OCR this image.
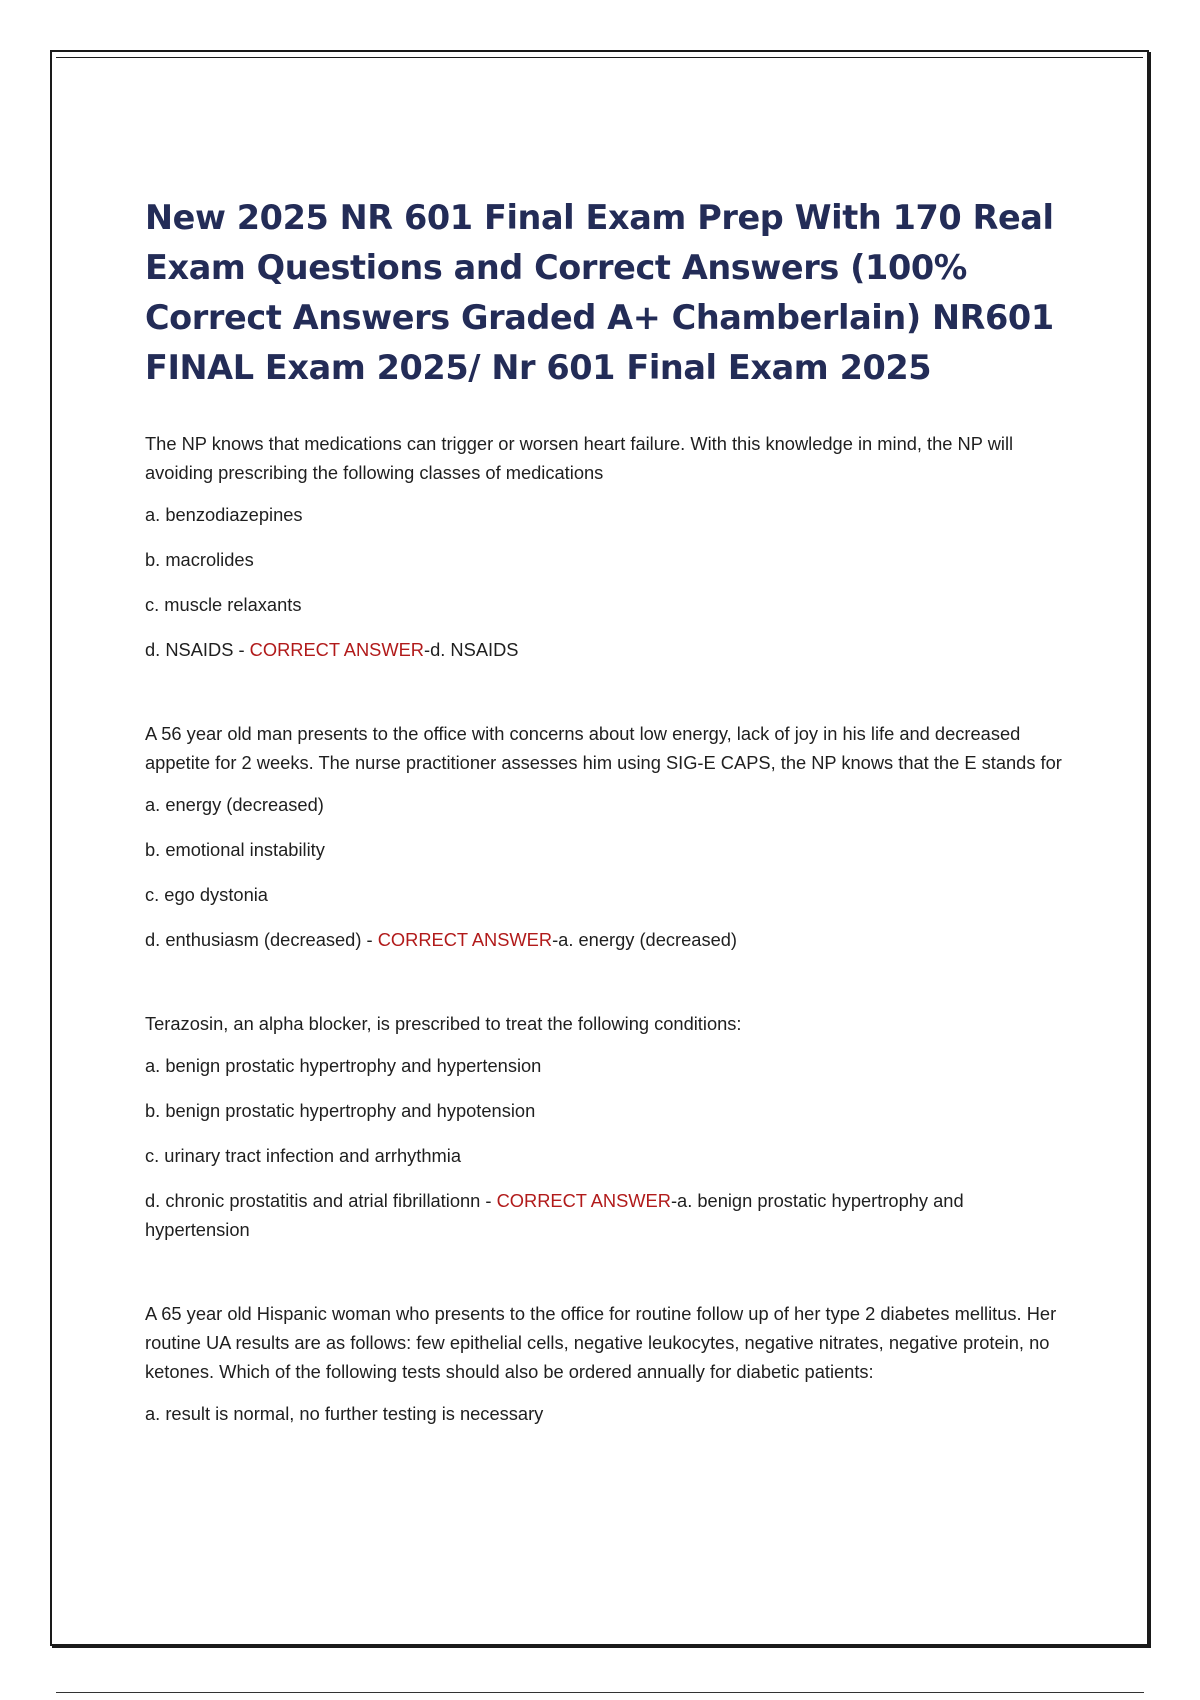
New 2025 NR 601 Final Exam Prep With 170 Real Exam Questions and Correct Answers (100% Correct Answers Graded A+ Chamberlain) NR601 FINAL Exam 2025/ Nr 601 Final Exam 2025

The NP knows that medications can trigger or worsen heart failure. With this knowledge in mind, the NP will avoiding prescribing the following classes of medications

a. benzodiazepines

b. macrolides

c. muscle relaxants

d. NSAIDS - CORRECT ANSWER-d. NSAIDS

A 56 year old man presents to the office with concerns about low energy, lack of joy in his life and decreased appetite for 2 weeks. The nurse practitioner assesses him using SIG-E CAPS, the NP knows that the E stands for

a. energy (decreased)

b. emotional instability

c. ego dystonia

d. enthusiasm (decreased) - CORRECT ANSWER-a. energy (decreased)

Terazosin, an alpha blocker, is prescribed to treat the following conditions:

a. benign prostatic hypertrophy and hypertension

b. benign prostatic hypertrophy and hypotension

c. urinary tract infection and arrhythmia

d. chronic prostatitis and atrial fibrillationn - CORRECT ANSWER-a. benign prostatic hypertrophy and hypertension

A 65 year old Hispanic woman who presents to the office for routine follow up of her type 2 diabetes mellitus. Her routine UA results are as follows: few epithelial cells, negative leukocytes, negative nitrates, negative protein, no ketones. Which of the following tests should also be ordered annually for diabetic patients:

a. result is normal, no further testing is necessary
